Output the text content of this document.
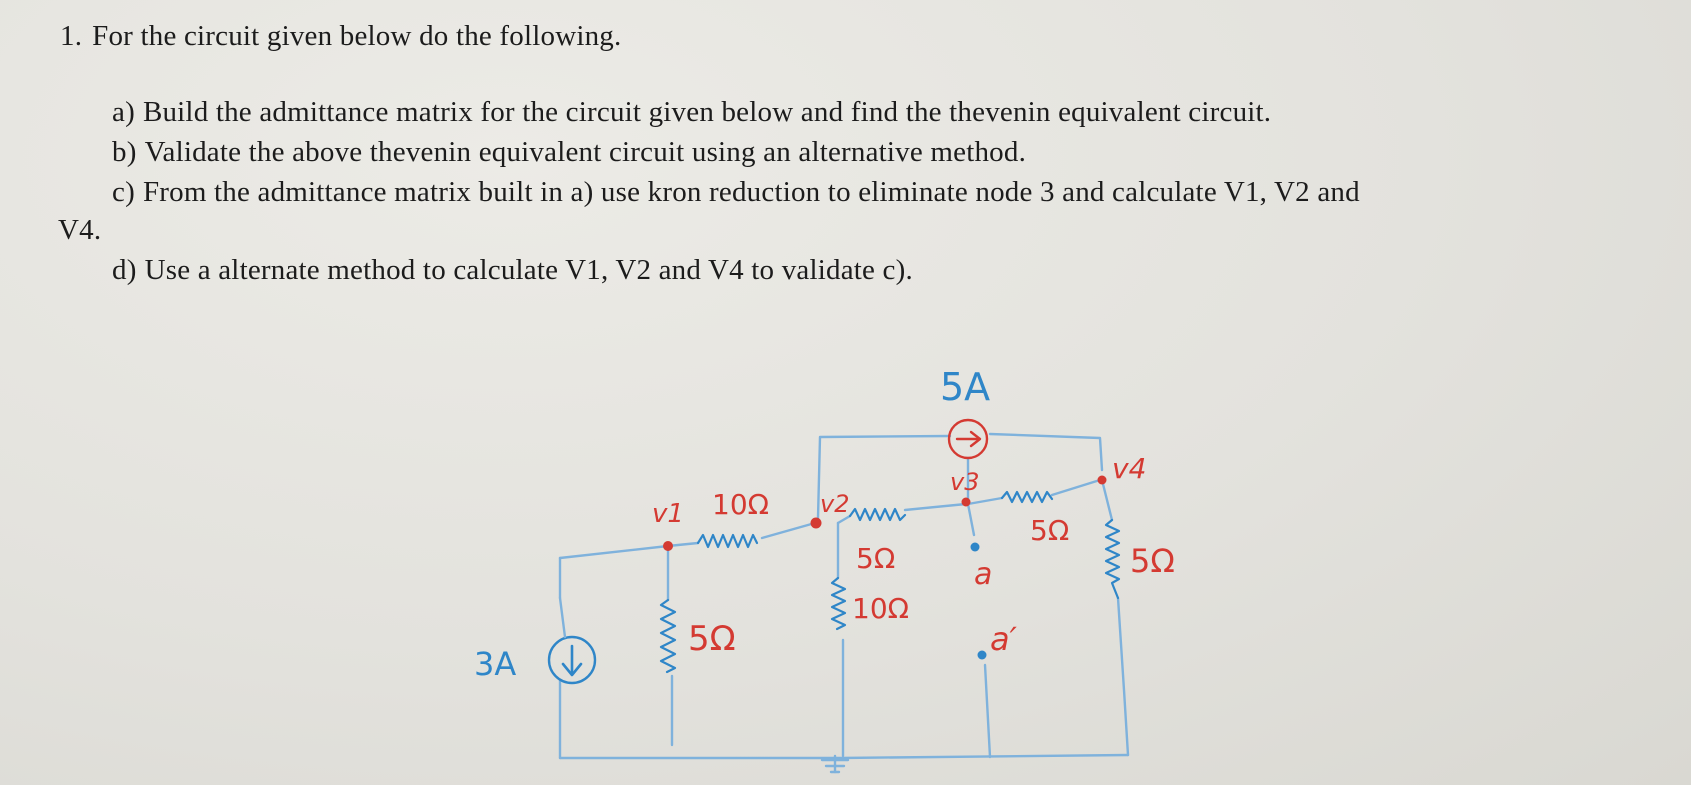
1. For the circuit given below do the following.
a) Build the admittance matrix for the circuit given below and find the thevenin equivalent circuit.
b) Validate the above thevenin equivalent circuit using an alternative method.
c) From the admittance matrix built in a) use kron reduction to eliminate node 3 and calculate V1, V2 and
V4.
d) Use a alternate method to calculate V1, V2 and V4 to validate c).
3A
5A
10Ω
5Ω
5Ω
10Ω
5Ω
5Ω
v1	v2
v3	v4
a
a′
